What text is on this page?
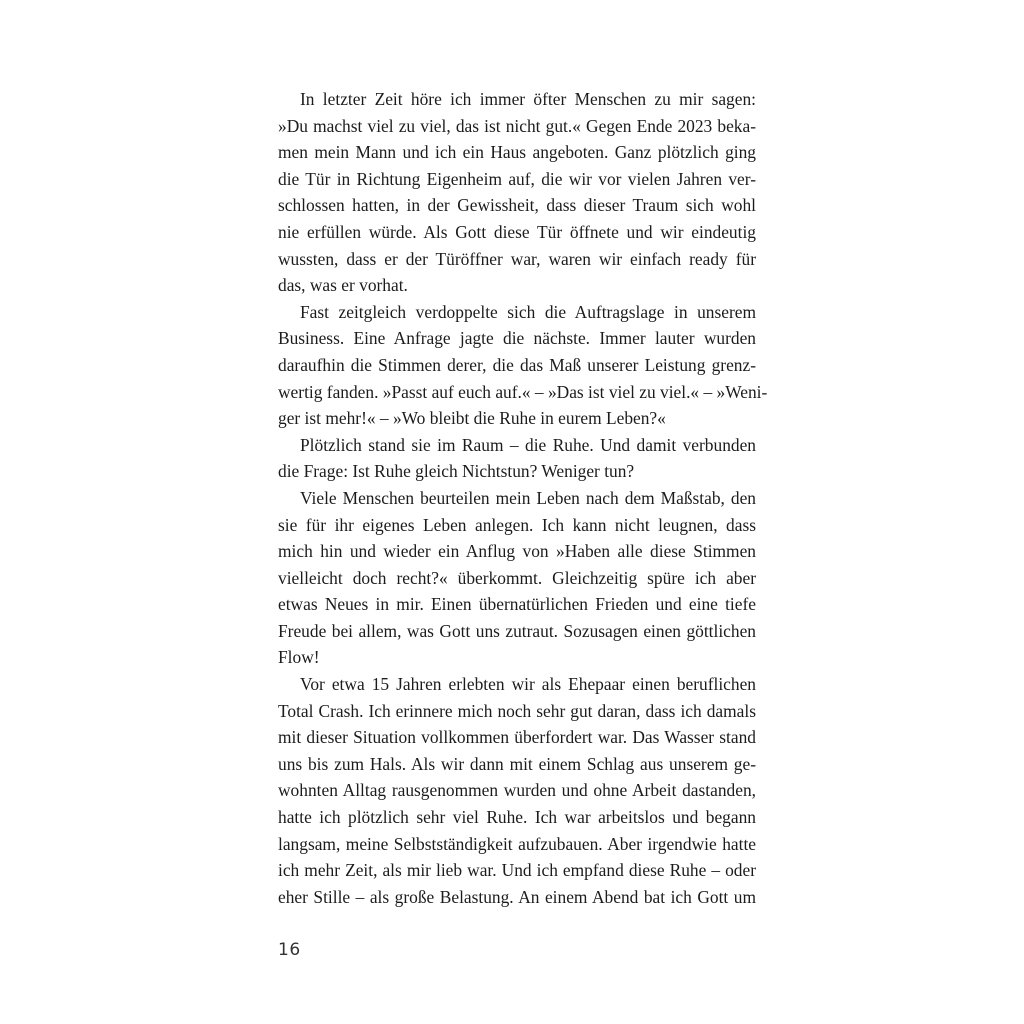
In letzter Zeit höre ich immer öfter Menschen zu mir sagen:
»Du machst viel zu viel, das ist nicht gut.« Gegen Ende 2023 beka-
men mein Mann und ich ein Haus angeboten. Ganz plötzlich ging
die Tür in Richtung Eigenheim auf, die wir vor vielen Jahren ver-
schlossen hatten, in der Gewissheit, dass dieser Traum sich wohl
nie erfüllen würde. Als Gott diese Tür öffnete und wir eindeutig
wussten, dass er der Türöffner war, waren wir einfach ready für
das, was er vorhat.
Fast zeitgleich verdoppelte sich die Auftragslage in unserem
Business. Eine Anfrage jagte die nächste. Immer lauter wurden
daraufhin die Stimmen derer, die das Maß unserer Leistung grenz-
wertig fanden. »Passt auf euch auf.« – »Das ist viel zu viel.« – »Weni-
ger ist mehr!« – »Wo bleibt die Ruhe in eurem Leben?«
Plötzlich stand sie im Raum – die Ruhe. Und damit verbunden
die Frage: Ist Ruhe gleich Nichtstun? Weniger tun?
Viele Menschen beurteilen mein Leben nach dem Maßstab, den
sie für ihr eigenes Leben anlegen. Ich kann nicht leugnen, dass
mich hin und wieder ein Anflug von »Haben alle diese Stimmen
vielleicht doch recht?« überkommt. Gleichzeitig spüre ich aber
etwas Neues in mir. Einen übernatürlichen Frieden und eine tiefe
Freude bei allem, was Gott uns zutraut. Sozusagen einen göttlichen
Flow!
Vor etwa 15 Jahren erlebten wir als Ehepaar einen beruflichen
Total Crash. Ich erinnere mich noch sehr gut daran, dass ich damals
mit dieser Situation vollkommen überfordert war. Das Wasser stand
uns bis zum Hals. Als wir dann mit einem Schlag aus unserem ge-
wohnten Alltag rausgenommen wurden und ohne Arbeit dastanden,
hatte ich plötzlich sehr viel Ruhe. Ich war arbeitslos und begann
langsam, meine Selbstständigkeit aufzubauen. Aber irgendwie hatte
ich mehr Zeit, als mir lieb war. Und ich empfand diese Ruhe – oder
eher Stille – als große Belastung. An einem Abend bat ich Gott um
16
